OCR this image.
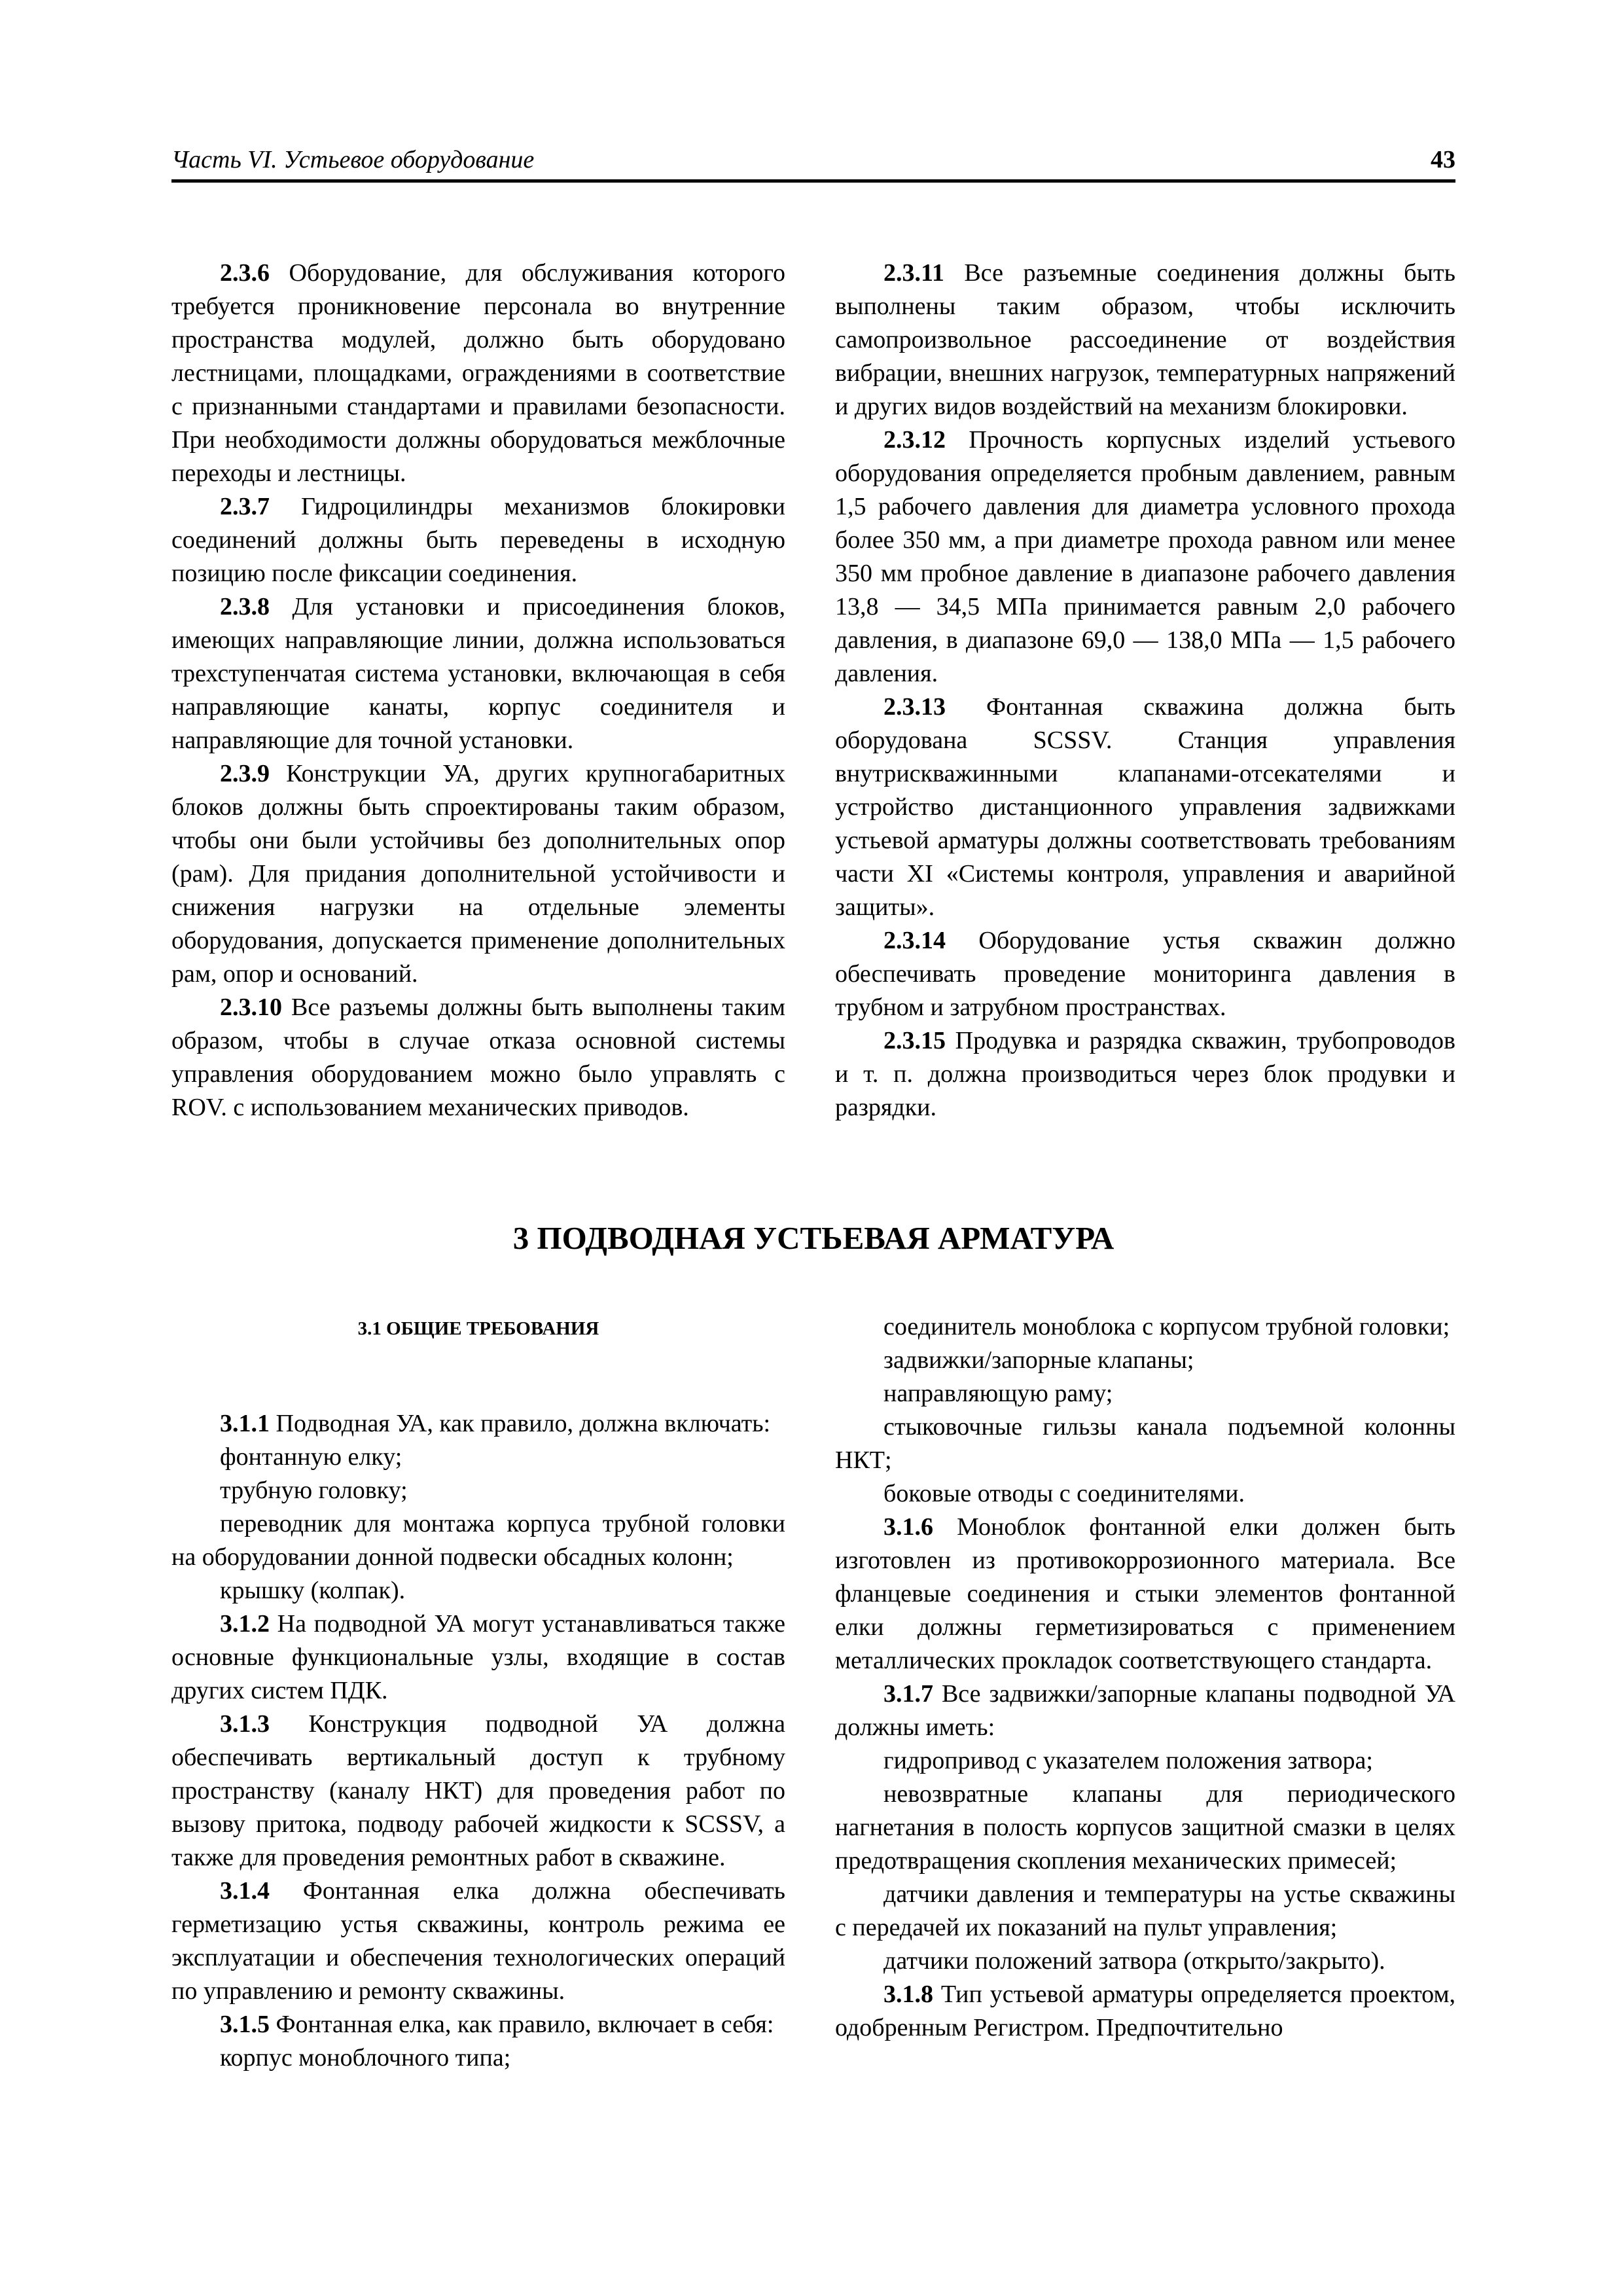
Часть VI. Устьевое оборудование	43

2.3.6 Оборудование, для обслуживания которого требуется проникновение персонала во внутренние пространства модулей, должно быть оборудовано лестницами, площадками, ограждениями в соответствие с признанными стандартами и правилами безопасности. При необходимости должны оборудоваться межблочные переходы и лестницы.

2.3.7 Гидроцилиндры механизмов блокировки соединений должны быть переведены в исходную позицию после фиксации соединения.

2.3.8 Для установки и присоединения блоков, имеющих направляющие линии, должна использоваться трехступенчатая система установки, включающая в себя направляющие канаты, корпус соединителя и направляющие для точной установки.

2.3.9 Конструкции УА, других крупногабаритных блоков должны быть спроектированы таким образом, чтобы они были устойчивы без дополнительных опор (рам). Для придания дополнительной устойчивости и снижения нагрузки на отдельные элементы оборудования, допускается применение дополнительных рам, опор и оснований.

2.3.10 Все разъемы должны быть выполнены таким образом, чтобы в случае отказа основной системы управления оборудованием можно было управлять с ROV. с использованием механических приводов.

2.3.11 Все разъемные соединения должны быть выполнены таким образом, чтобы исключить самопроизвольное рассоединение от воздействия вибрации, внешних нагрузок, температурных напряжений и других видов воздействий на механизм блокировки.

2.3.12 Прочность корпусных изделий устьевого оборудования определяется пробным давлением, равным 1,5 рабочего давления для диаметра условного прохода более 350 мм, а при диаметре прохода равном или менее 350 мм пробное давление в диапазоне рабочего давления 13,8 — 34,5 МПа принимается равным 2,0 рабочего давления, в диапазоне 69,0 — 138,0 МПа — 1,5 рабочего давления.

2.3.13 Фонтанная скважина должна быть оборудована SCSSV. Станция управления внутрискважинными клапанами-отсекателями и устройство дистанционного управления задвижками устьевой арматуры должны соответствовать требованиям части XI «Системы контроля, управления и аварийной защиты».

2.3.14 Оборудование устья скважин должно обеспечивать проведение мониторинга давления в трубном и затрубном пространствах.

2.3.15 Продувка и разрядка скважин, трубопроводов и т. п. должна производиться через блок продувки и разрядки.

3 ПОДВОДНАЯ УСТЬЕВАЯ АРМАТУРА
3.1 ОБЩИЕ ТРЕБОВАНИЯ

3.1.1 Подводная УА, как правило, должна включать:

фонтанную елку;

трубную головку;

переводник для монтажа корпуса трубной головки на оборудовании донной подвески обсадных колонн;

крышку (колпак).

3.1.2 На подводной УА могут устанавливаться также основные функциональные узлы, входящие в состав других систем ПДК.

3.1.3 Конструкция подводной УА должна обеспечивать вертикальный доступ к трубному пространству (каналу НКТ) для проведения работ по вызову притока, подводу рабочей жидкости к SCSSV, а также для проведения ремонтных работ в скважине.

3.1.4 Фонтанная елка должна обеспечивать герметизацию устья скважины, контроль режима ее эксплуатации и обеспечения технологических операций по управлению и ремонту скважины.

3.1.5 Фонтанная елка, как правило, включает в себя:

корпус моноблочного типа;

соединитель моноблока с корпусом трубной головки;

задвижки/запорные клапаны;

направляющую раму;

стыковочные гильзы канала подъемной колонны НКТ;

боковые отводы с соединителями.

3.1.6 Моноблок фонтанной елки должен быть изготовлен из противокоррозионного материала. Все фланцевые соединения и стыки элементов фонтанной елки должны герметизироваться с применением металлических прокладок соответствующего стандарта.

3.1.7 Все задвижки/запорные клапаны подводной УА должны иметь:

гидропривод с указателем положения затвора;

невозвратные клапаны для периодического нагнетания в полость корпусов защитной смазки в целях предотвращения скопления механических примесей;

датчики давления и температуры на устье скважины с передачей их показаний на пульт управления;

датчики положений затвора (открыто/закрыто).

3.1.8 Тип устьевой арматуры определяется проектом, одобренным Регистром. Предпочтительно
